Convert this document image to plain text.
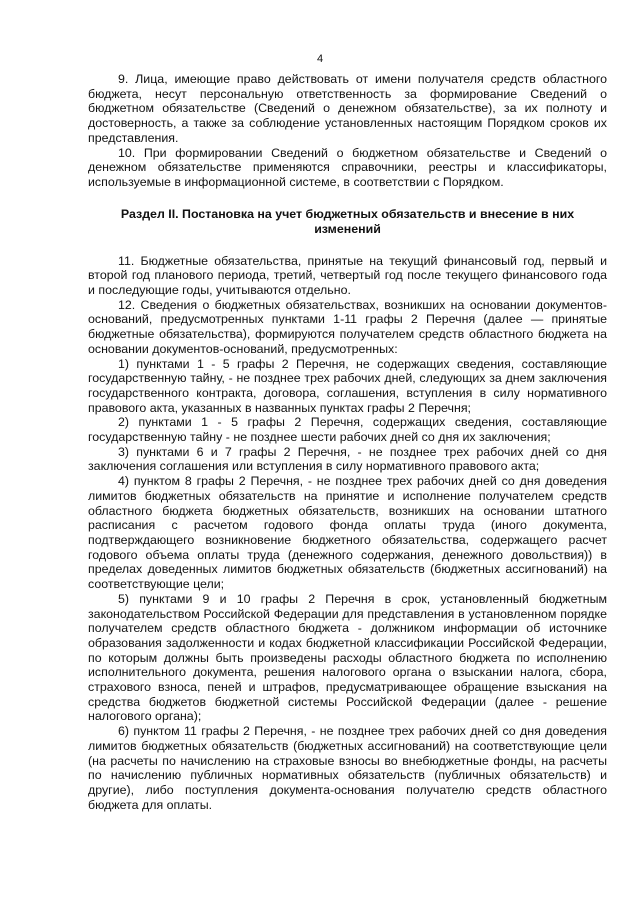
4

9. Лица, имеющие право действовать от имени получателя средств областного бюджета, несут персональную ответственность за формирование Сведений о бюджетном обязательстве (Сведений о денежном обязательстве), за их полноту и достоверность, а также за соблюдение установленных настоящим Порядком сроков их представления.

10. При формировании Сведений о бюджетном обязательстве и Сведений о денежном обязательстве применяются справочники, реестры и классификаторы, используемые в информационной системе, в соответствии с Порядком.

Раздел II. Постановка на учет бюджетных обязательств и внесение в них изменений

11. Бюджетные обязательства, принятые на текущий финансовый год, первый и второй год планового периода, третий, четвертый год после текущего финансового года и последующие годы, учитываются отдельно.

12. Сведения о бюджетных обязательствах, возникших на основании документов-оснований, предусмотренных пунктами 1-11 графы 2 Перечня (далее — принятые бюджетные обязательства), формируются получателем средств областного бюджета на основании документов-оснований, предусмотренных:

1) пунктами 1 - 5 графы 2 Перечня, не содержащих сведения, составляющие государственную тайну, - не позднее трех рабочих дней, следующих за днем заключения государственного контракта, договора, соглашения, вступления в силу нормативного правового акта, указанных в названных пунктах графы 2 Перечня;

2) пунктами 1 - 5 графы 2 Перечня, содержащих сведения, составляющие государственную тайну - не позднее шести рабочих дней со дня их заключения;

3) пунктами 6 и 7 графы 2 Перечня, - не позднее трех рабочих дней со дня заключения соглашения или вступления в силу нормативного правового акта;

4) пунктом 8 графы 2 Перечня, - не позднее трех рабочих дней со дня доведения лимитов бюджетных обязательств на принятие и исполнение получателем средств областного бюджета бюджетных обязательств, возникших на основании штатного расписания с расчетом годового фонда оплаты труда (иного документа, подтверждающего возникновение бюджетного обязательства, содержащего расчет годового объема оплаты труда (денежного содержания, денежного довольствия)) в пределах доведенных лимитов бюджетных обязательств (бюджетных ассигнований) на соответствующие цели;

5) пунктами 9 и 10 графы 2 Перечня в срок, установленный бюджетным законодательством Российской Федерации для представления в установленном порядке получателем средств областного бюджета - должником информации об источнике образования задолженности и кодах бюджетной классификации Российской Федерации, по которым должны быть произведены расходы областного бюджета по исполнению исполнительного документа, решения налогового органа о взыскании налога, сбора, страхового взноса, пеней и штрафов, предусматривающее обращение взыскания на средства бюджетов бюджетной системы Российской Федерации (далее - решение налогового органа);

6) пунктом 11 графы 2 Перечня, - не позднее трех рабочих дней со дня доведения лимитов бюджетных обязательств (бюджетных ассигнований) на соответствующие цели (на расчеты по начислению на страховые взносы во внебюджетные фонды, на расчеты по начислению публичных нормативных обязательств (публичных обязательств) и другие), либо поступления документа-основания получателю средств областного бюджета для оплаты.
